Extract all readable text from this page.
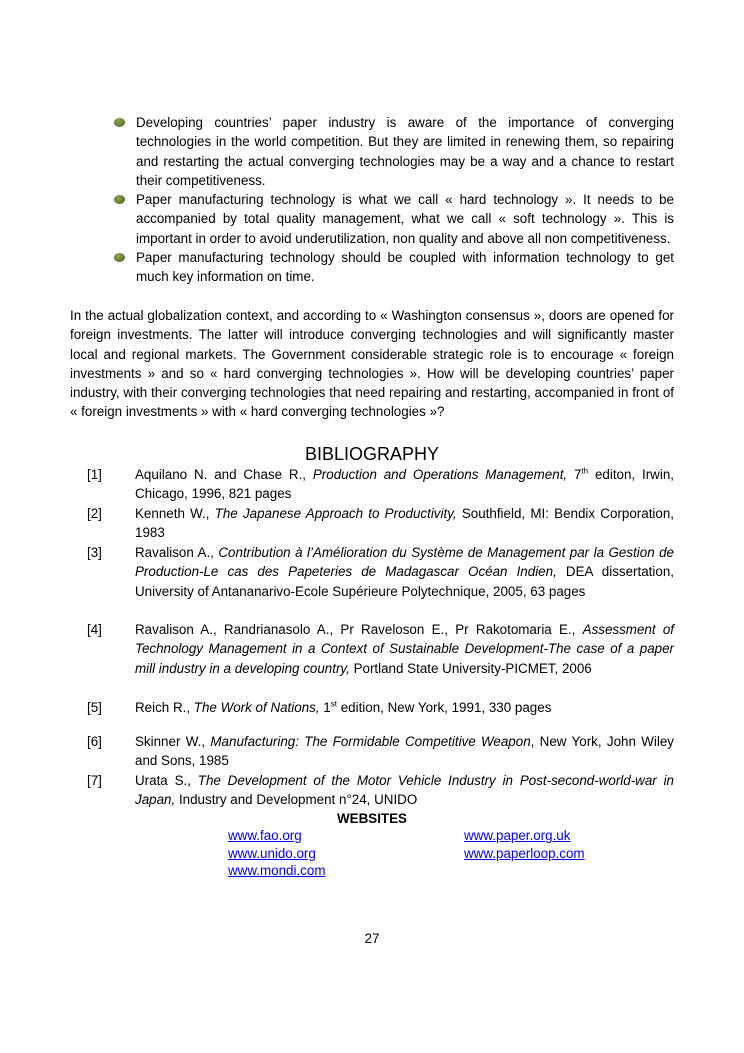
Developing countries’ paper industry is aware of the importance of converging technologies in the world competition. But they are limited in renewing them, so repairing and restarting the actual converging technologies may be a way and a chance to restart their competitiveness.
Paper manufacturing technology is what we call « hard technology ». It needs to be accompanied by total quality management, what we call « soft technology ». This is important in order to avoid underutilization, non quality and above all non competitiveness.
Paper manufacturing technology should be coupled with information technology to get much key information on time.

In the actual globalization context, and according to « Washington consensus », doors are opened for foreign investments. The latter will introduce converging technologies and will significantly master local and regional markets. The Government considerable strategic role is to encourage « foreign investments » and so « hard converging technologies ». How will be developing countries’ paper industry, with their converging technologies that need repairing and restarting, accompanied in front of « foreign investments » with « hard converging technologies »?

BIBLIOGRAPHY
[1] Aquilano N. and Chase R., Production and Operations Management, 7th editon, Irwin, Chicago, 1996, 821 pages
[2] Kenneth W., The Japanese Approach to Productivity, Southfield, MI: Bendix Corporation, 1983
[3] Ravalison A., Contribution à l’Amélioration du Système de Management par la Gestion de Production-Le cas des Papeteries de Madagascar Océan Indien, DEA dissertation, University of Antananarivo-Ecole Supérieure Polytechnique, 2005, 63 pages
[4] Ravalison A., Randrianasolo A., Pr Raveloson E., Pr Rakotomaria E., Assessment of Technology Management in a Context of Sustainable Development-The case of a paper mill industry in a developing country, Portland State University-PICMET, 2006
[5] Reich R., The Work of Nations, 1st edition, New York, 1991, 330 pages
[6] Skinner W., Manufacturing: The Formidable Competitive Weapon, New York, John Wiley and Sons, 1985
[7] Urata S., The Development of the Motor Vehicle Industry in Post-second-world-war in Japan, Industry and Development n°24, UNIDO
WEBSITES
www.fao.org	www.paper.org.uk
www.unido.org	www.paperloop.com
www.mondi.com
27
